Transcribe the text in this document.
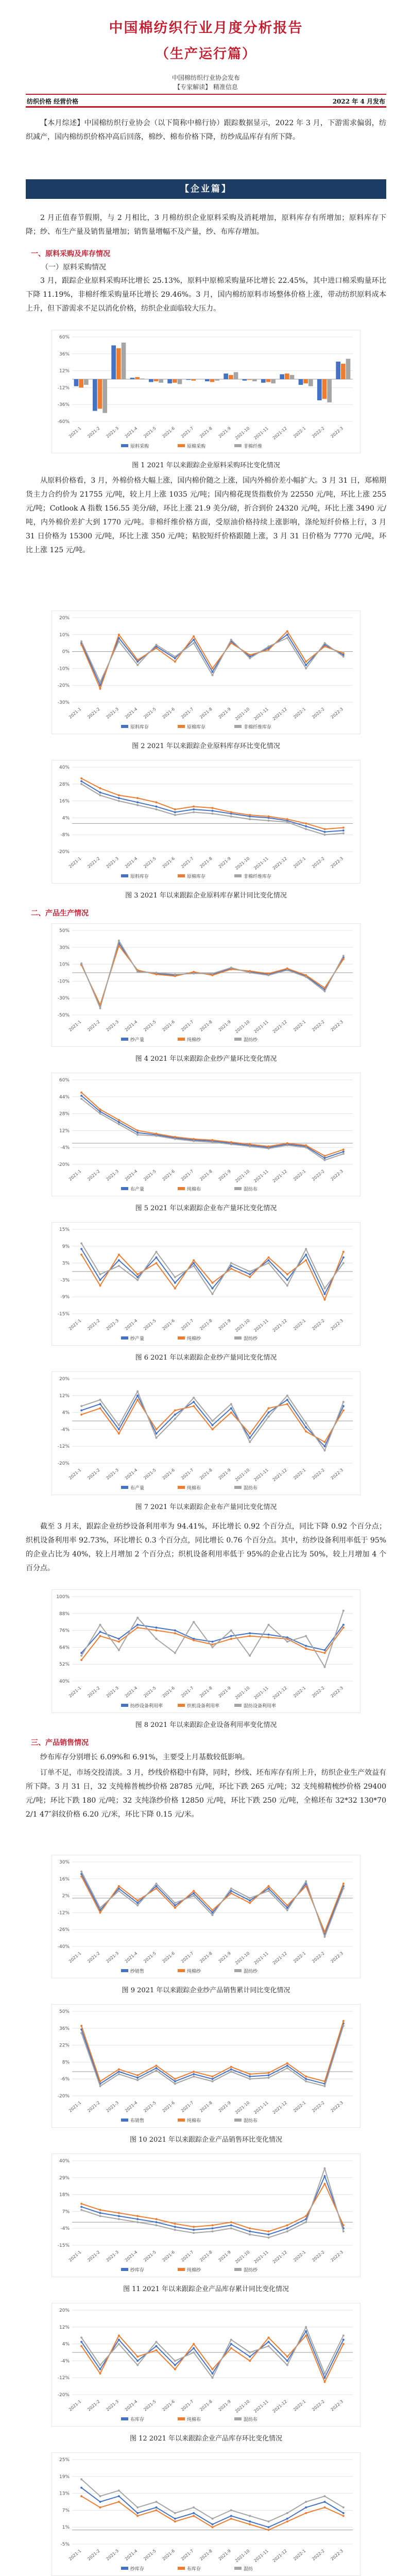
中国棉纺织行业月度分析报告
（生产运行篇）
中国棉纺织行业协会发布
【专家解读】 精准信息
纺织价格 经营价格	2022 年 4 月发布
【本月综述】中国棉纺织行业协会（以下简称中棉行协）跟踪数据显示，2022 年 3 月，下游需求偏弱，纺织减产，国内棉纺织价格冲高后回落，棉纱、棉布价格下降，纺纱成品库存有所下降。
【企业篇】
2 月正值春节假期，与 2 月相比，3 月棉纺织企业原料采购及消耗增加，原料库存有所增加；原料库存下降；纱、布生产量及销售量增加；销售量增幅不及产量，纱、布库存增加。
一、原料采购及库存情况
（一）原料采购情况
3 月，跟踪企业原料采购环比增长 25.13%，原料中原棉采购量环比增长 22.45%，其中进口棉采购量环比下降 11.19%，非棉纤维采购量环比增长 29.46%。3 月，国内棉纺原料市场整体价格上涨，带动纺织原料成本上升，但下游需求不足以消化价格，纺织企业面临较大压力。
-60%
-36%
-12%
12%
36%
60%
2021-1 2021-2 2021-3 2021-4 2021-5 2021-6 2021-7 2021-8 2021-9 2021-10 2021-11 2021-12 2022-1 2022-2 2022-3
原料采购	原棉采购	非棉纤维
图 1 2021 年以来跟踪企业原料采购环比变化情况
从原料价格看，3 月，外棉价格大幅上涨，国内棉价随之上涨，国内外棉价差小幅扩大。3 月 31 日，郑棉期货主力合约价为 21755 元/吨，较上月上涨 1035 元/吨；国内棉花现货指数价为 22550 元/吨，环比上涨 255 元/吨；Cotlook A 指数 156.55 美分/磅，环比上涨 21.9 美分/磅，折合到价 24320 元/吨，环比上涨 3490 元/吨，内外棉价差扩大到 1770 元/吨。非棉纤维价格方面，受原油价格持续上涨影响，涤纶短纤价格上行，3 月 31 日价格为 15300 元/吨，环比上涨 350 元/吨；粘胶短纤价格跟随上涨，3 月 31 日价格为 7770 元/吨，环比上涨 125 元/吨。
-30%
-20%
-10%
0%
10%
20%
2021-1 2021-2 2021-3 2021-4 2021-5 2021-6 2021-7 2021-8 2021-9 2021-10 2021-11 2021-12 2022-1 2022-2 2022-3
原料库存	原棉库存	非棉纤维库存
图 2 2021 年以来跟踪企业原料库存环比变化情况
-20%
-8%
4%
16%
28%
40%
2021-1 2021-2 2021-3 2021-4 2021-5 2021-6 2021-7 2021-8 2021-9 2021-10 2021-11 2021-12 2022-1 2022-2 2022-3
原料库存	原棉库存	非棉纤维库存
图 3 2021 年以来跟踪企业原料库存累计同比变化情况
二、产品生产情况
-50%
-30%
-10%
10%
30%
50%
2021-1 2021-2 2021-3 2021-4 2021-5 2021-6 2021-7 2021-8 2021-9 2021-10 2021-11 2021-12 2022-1 2022-2 2022-3
纱产量	纯棉纱	混纺纱
图 4 2021 年以来跟踪企业纱产量环比变化情况
-20%
-4%
12%
28%
44%
60%
2021-1 2021-2 2021-3 2021-4 2021-5 2021-6 2021-7 2021-8 2021-9 2021-10 2021-11 2021-12 2022-1 2022-2 2022-3
布产量	纯棉布	混纺布
图 5 2021 年以来跟踪企业布产量环比变化情况
-15%
-9%
-3%
3%
9%
15%
2021-1 2021-2 2021-3 2021-4 2021-5 2021-6 2021-7 2021-8 2021-9 2021-10 2021-11 2021-12 2022-1 2022-2 2022-3
纱产量	纯棉纱	混纺纱
图 6 2021 年以来跟踪企业纱产量同比变化情况
-20%
-12%
-4%
4%
12%
20%
2021-1 2021-2 2021-3 2021-4 2021-5 2021-6 2021-7 2021-8 2021-9 2021-10 2021-11 2021-12 2022-1 2022-2 2022-3
布产量	纯棉布	混纺布
图 7 2021 年以来跟踪企业布产量同比变化情况
截至 3 月末，跟踪企业纺纱设备利用率为 94.41%，环比增长 0.92 个百分点，同比下降 0.92 个百分点；织机设备利用率 92.73%，环比增长 0.3 个百分点，同比增长 0.76 个百分点。其中，纺纱设备利用率低于 95%的企业占比为 40%，较上月增加 2 个百分点；织机设备利用率低于 95%的企业占比为 50%，较上月增加 4 个百分点。
40%
52%
64%
76%
88%
100%
2021-1 2021-2 2021-3 2021-4 2021-5 2021-6 2021-7 2021-8 2021-9 2021-10 2021-11 2021-12 2022-1 2022-2 2022-3
纺纱设备利用率	织机设备利用率	混纺设备利用率
图 8 2021 年以来跟踪企业设备利用率变化情况
三、产品销售情况
纱布库存分别增长 6.09%和 6.91%，主要受上月基数较低影响。
订单不足，市场交投清淡。3 月，纱线价格稳中有降，同时，纱线、坯布库存有所上升，纺织企业生产效益有所下降。3 月 31 日，32 支纯棉普梳纱价格 28785 元/吨，环比下跌 265 元/吨；32 支纯棉精梳纱价格 29400 元/吨；环比下跌 180 元/吨；32 支纯涤纱价格 12850 元/吨，环比下跌 250 元/吨，全棉坯布 32*32 130*70 2/1 47″斜纹价格 6.20 元/米，环比下降 0.15 元/米。
-40%
-26%
-12%
2%
16%
30%
2021-1 2021-2 2021-3 2021-4 2021-5 2021-6 2021-7 2021-8 2021-9 2021-10 2021-11 2021-12 2022-1 2022-2 2022-3
纱销售	纯棉纱	混纺纱
图 9 2021 年以来跟踪企业纱产品销售累计同比变化情况
-20%
-6%
8%
22%
36%
50%
2021-1 2021-2 2021-3 2021-4 2021-5 2021-6 2021-7 2021-8 2021-9 2021-10 2021-11 2021-12 2022-1 2022-2 2022-3
布销售	纯棉布	混纺布
图 10 2021 年以来跟踪企业产品销售环比变化情况
-15%
-4%
7%
18%
29%
40%
2021-1 2021-2 2021-3 2021-4 2021-5 2021-6 2021-7 2021-8 2021-9 2021-10 2021-11 2021-12 2022-1 2022-2 2022-3
纱库存	纯棉纱	混纺纱
图 11 2021 年以来跟踪企业产品库存累计同比变化情况
-20%
-12%
-4%
4%
12%
20%
2021-1 2021-2 2021-3 2021-4 2021-5 2021-6 2021-7 2021-8 2021-9 2021-10 2021-11 2021-12 2022-1 2022-2 2022-3
布库存	纯棉布	混纺布
图 12 2021 年以来跟踪企业产品库存环比变化情况
-5%
1%
7%
13%
19%
25%
2021-1 2021-2 2021-3 2021-4 2021-5 2021-6 2021-7 2021-8 2021-9 2021-10 2021-11 2021-12 2022-1 2022-2 2022-3
纱库存	布库存	混纺
